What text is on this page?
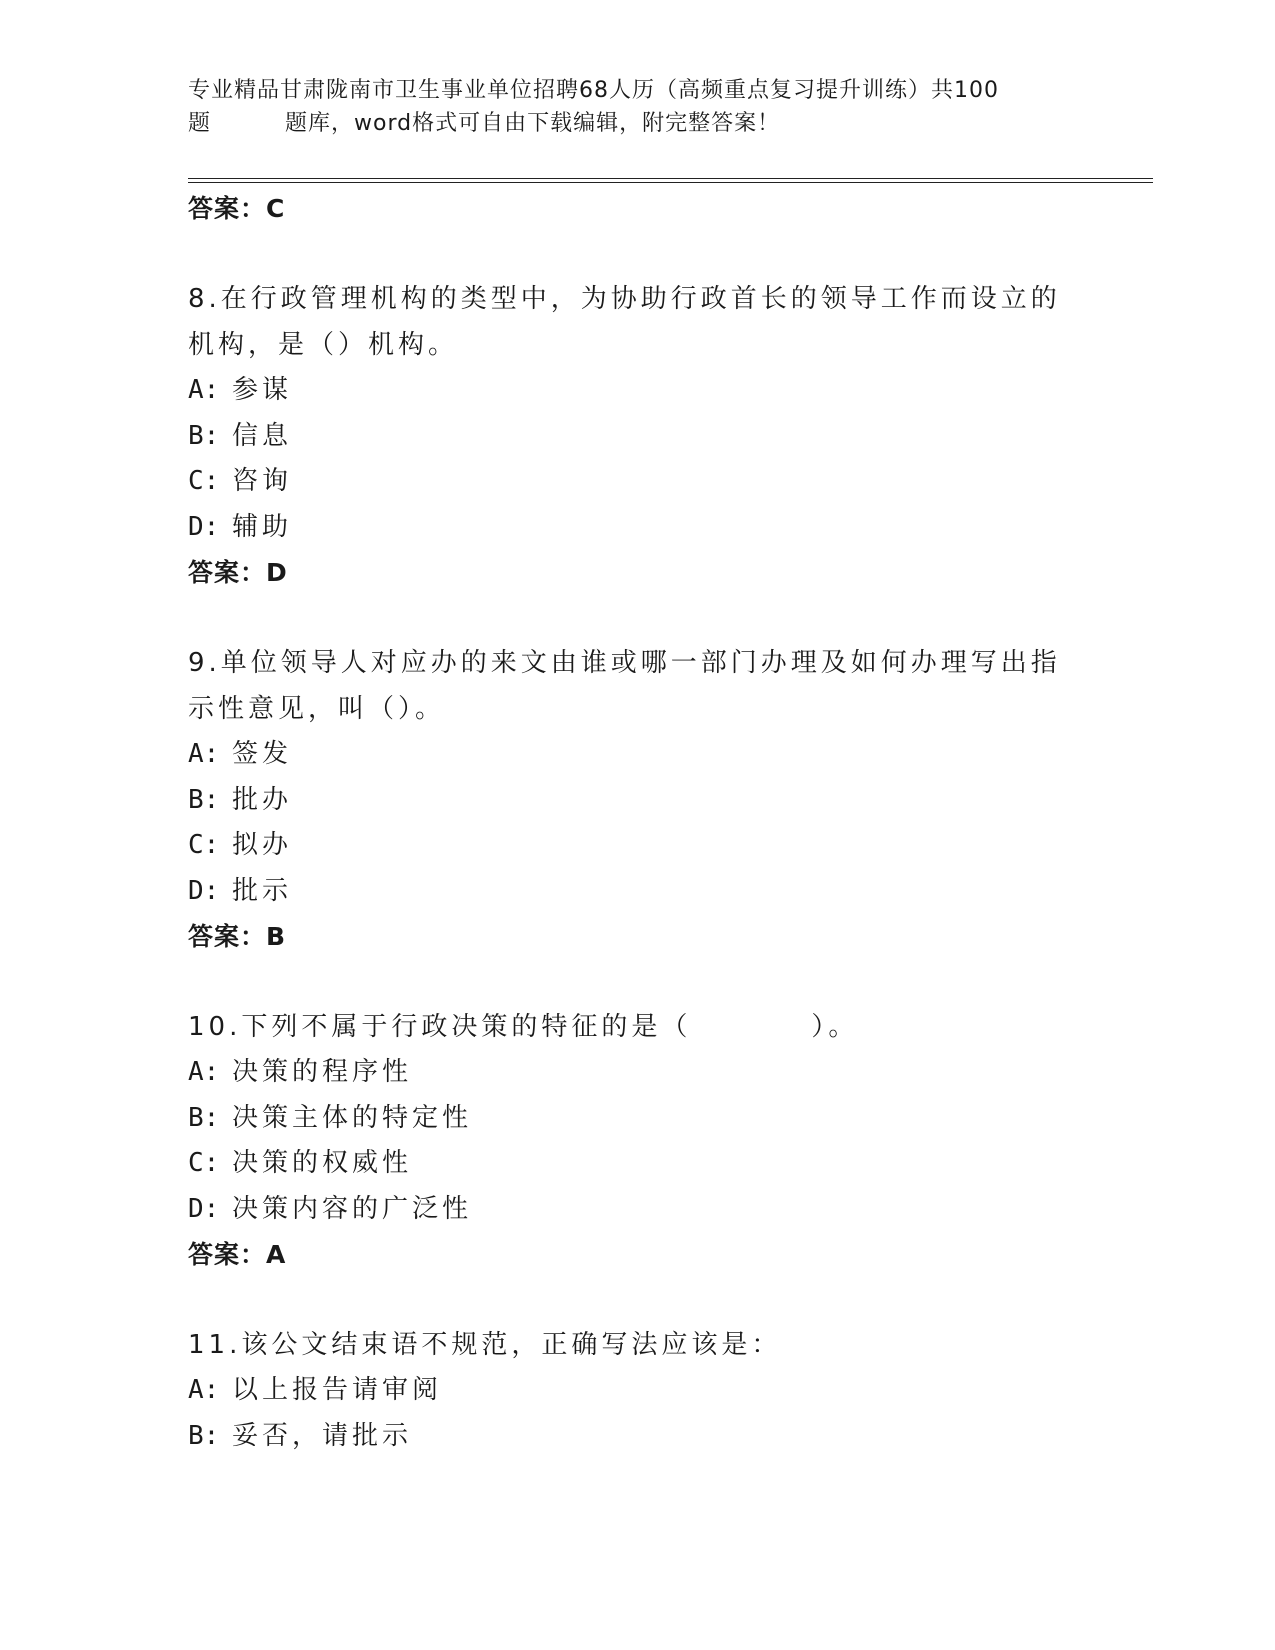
专业精品甘肃陇南市卫生事业单位招聘68人历（高频重点复习提升训练）共100
题	题库，word格式可自由下载编辑，附完整答案！
答案：C
8.在行政管理机构的类型中，为协助行政首长的领导工作而设立的机构，是（）机构。
A: 参谋
B: 信息
C: 咨询
D: 辅助
答案：D
9.单位领导人对应办的来文由谁或哪一部门办理及如何办理写出指示性意见，叫（）。
A: 签发
B: 批办
C: 拟办
D: 批示
答案：B
10.下列不属于行政决策的特征的是（	）。
A: 决策的程序性
B: 决策主体的特定性
C: 决策的权威性
D: 决策内容的广泛性
答案：A
11.该公文结束语不规范，正确写法应该是：
A: 以上报告请审阅
B: 妥否，请批示
